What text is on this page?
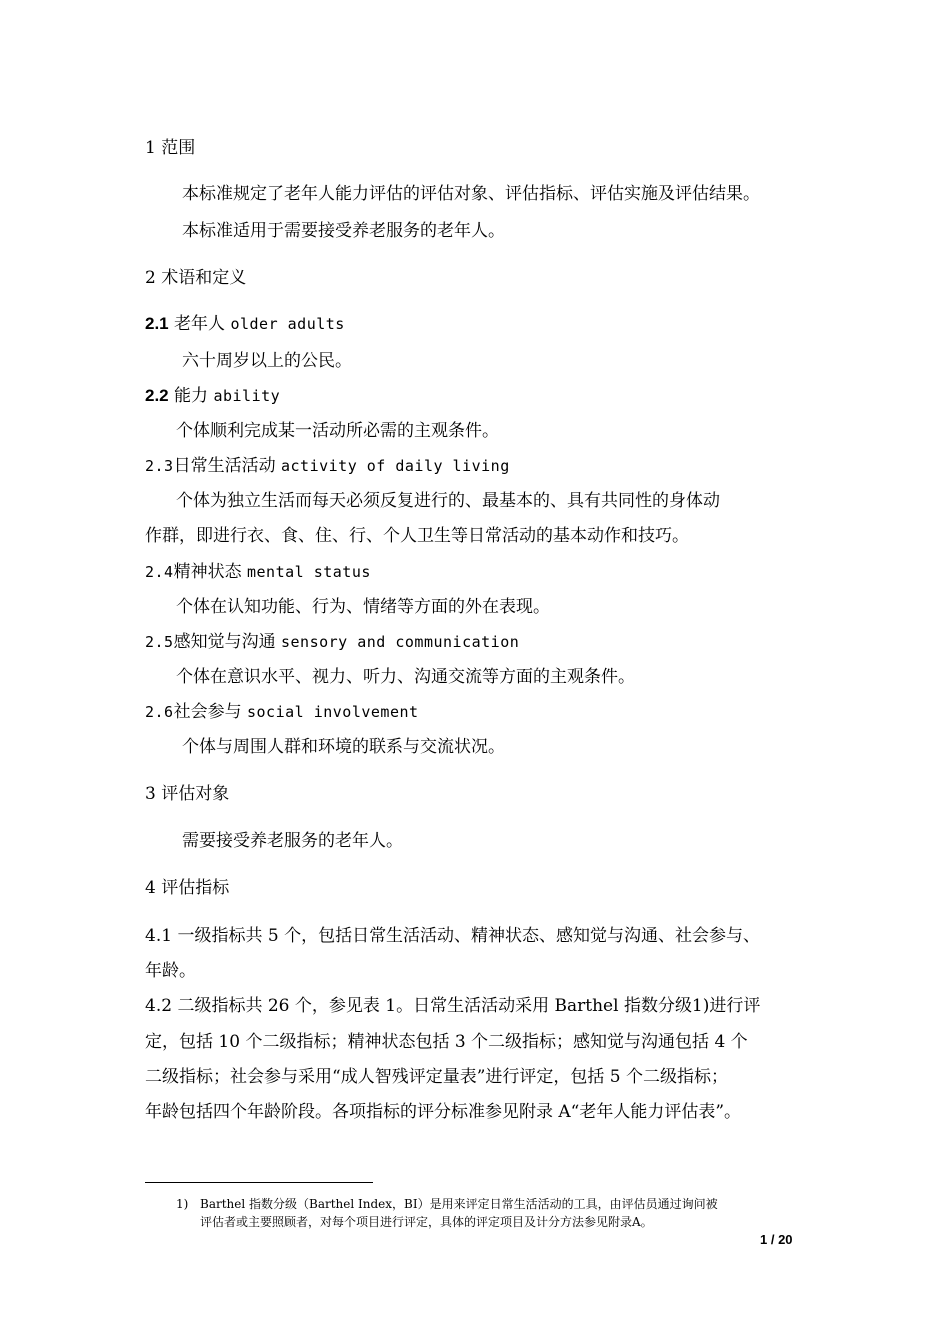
1 范围
本标准规定了老年人能力评估的评估对象、评估指标、评估实施及评估结果。
本标准适用于需要接受养老服务的老年人。
2 术语和定义
2.1 老年人 older adults
六十周岁以上的公民。
2.2 能力 ability
个体顺利完成某一活动所必需的主观条件。
2.3日常生活活动 activity of daily living
个体为独立生活而每天必须反复进行的、最基本的、具有共同性的身体动
作群，即进行衣、食、住、行、个人卫生等日常活动的基本动作和技巧。
2.4精神状态 mental status
个体在认知功能、行为、情绪等方面的外在表现。
2.5感知觉与沟通 sensory and communication
个体在意识水平、视力、听力、沟通交流等方面的主观条件。
2.6社会参与 social involvement
个体与周围人群和环境的联系与交流状况。
3 评估对象
需要接受养老服务的老年人。
4 评估指标
4.1 一级指标共 5 个，包括日常生活活动、精神状态、感知觉与沟通、社会参与、
年龄。
4.2 二级指标共 26 个，参见表 1。日常生活活动采用 Barthel 指数分级1)进行评
定，包括 10 个二级指标；精神状态包括 3 个二级指标；感知觉与沟通包括 4 个
二级指标；社会参与采用“成人智残评定量表”进行评定，包括 5 个二级指标；
年龄包括四个年龄阶段。各项指标的评分标准参见附录 A“老年人能力评估表”。
1) Barthel 指数分级（Barthel Index，BI）是用来评定日常生活活动的工具，由评估员通过询问被
评估者或主要照顾者，对每个项目进行评定，具体的评定项目及计分方法参见附录A。
1 / 20
